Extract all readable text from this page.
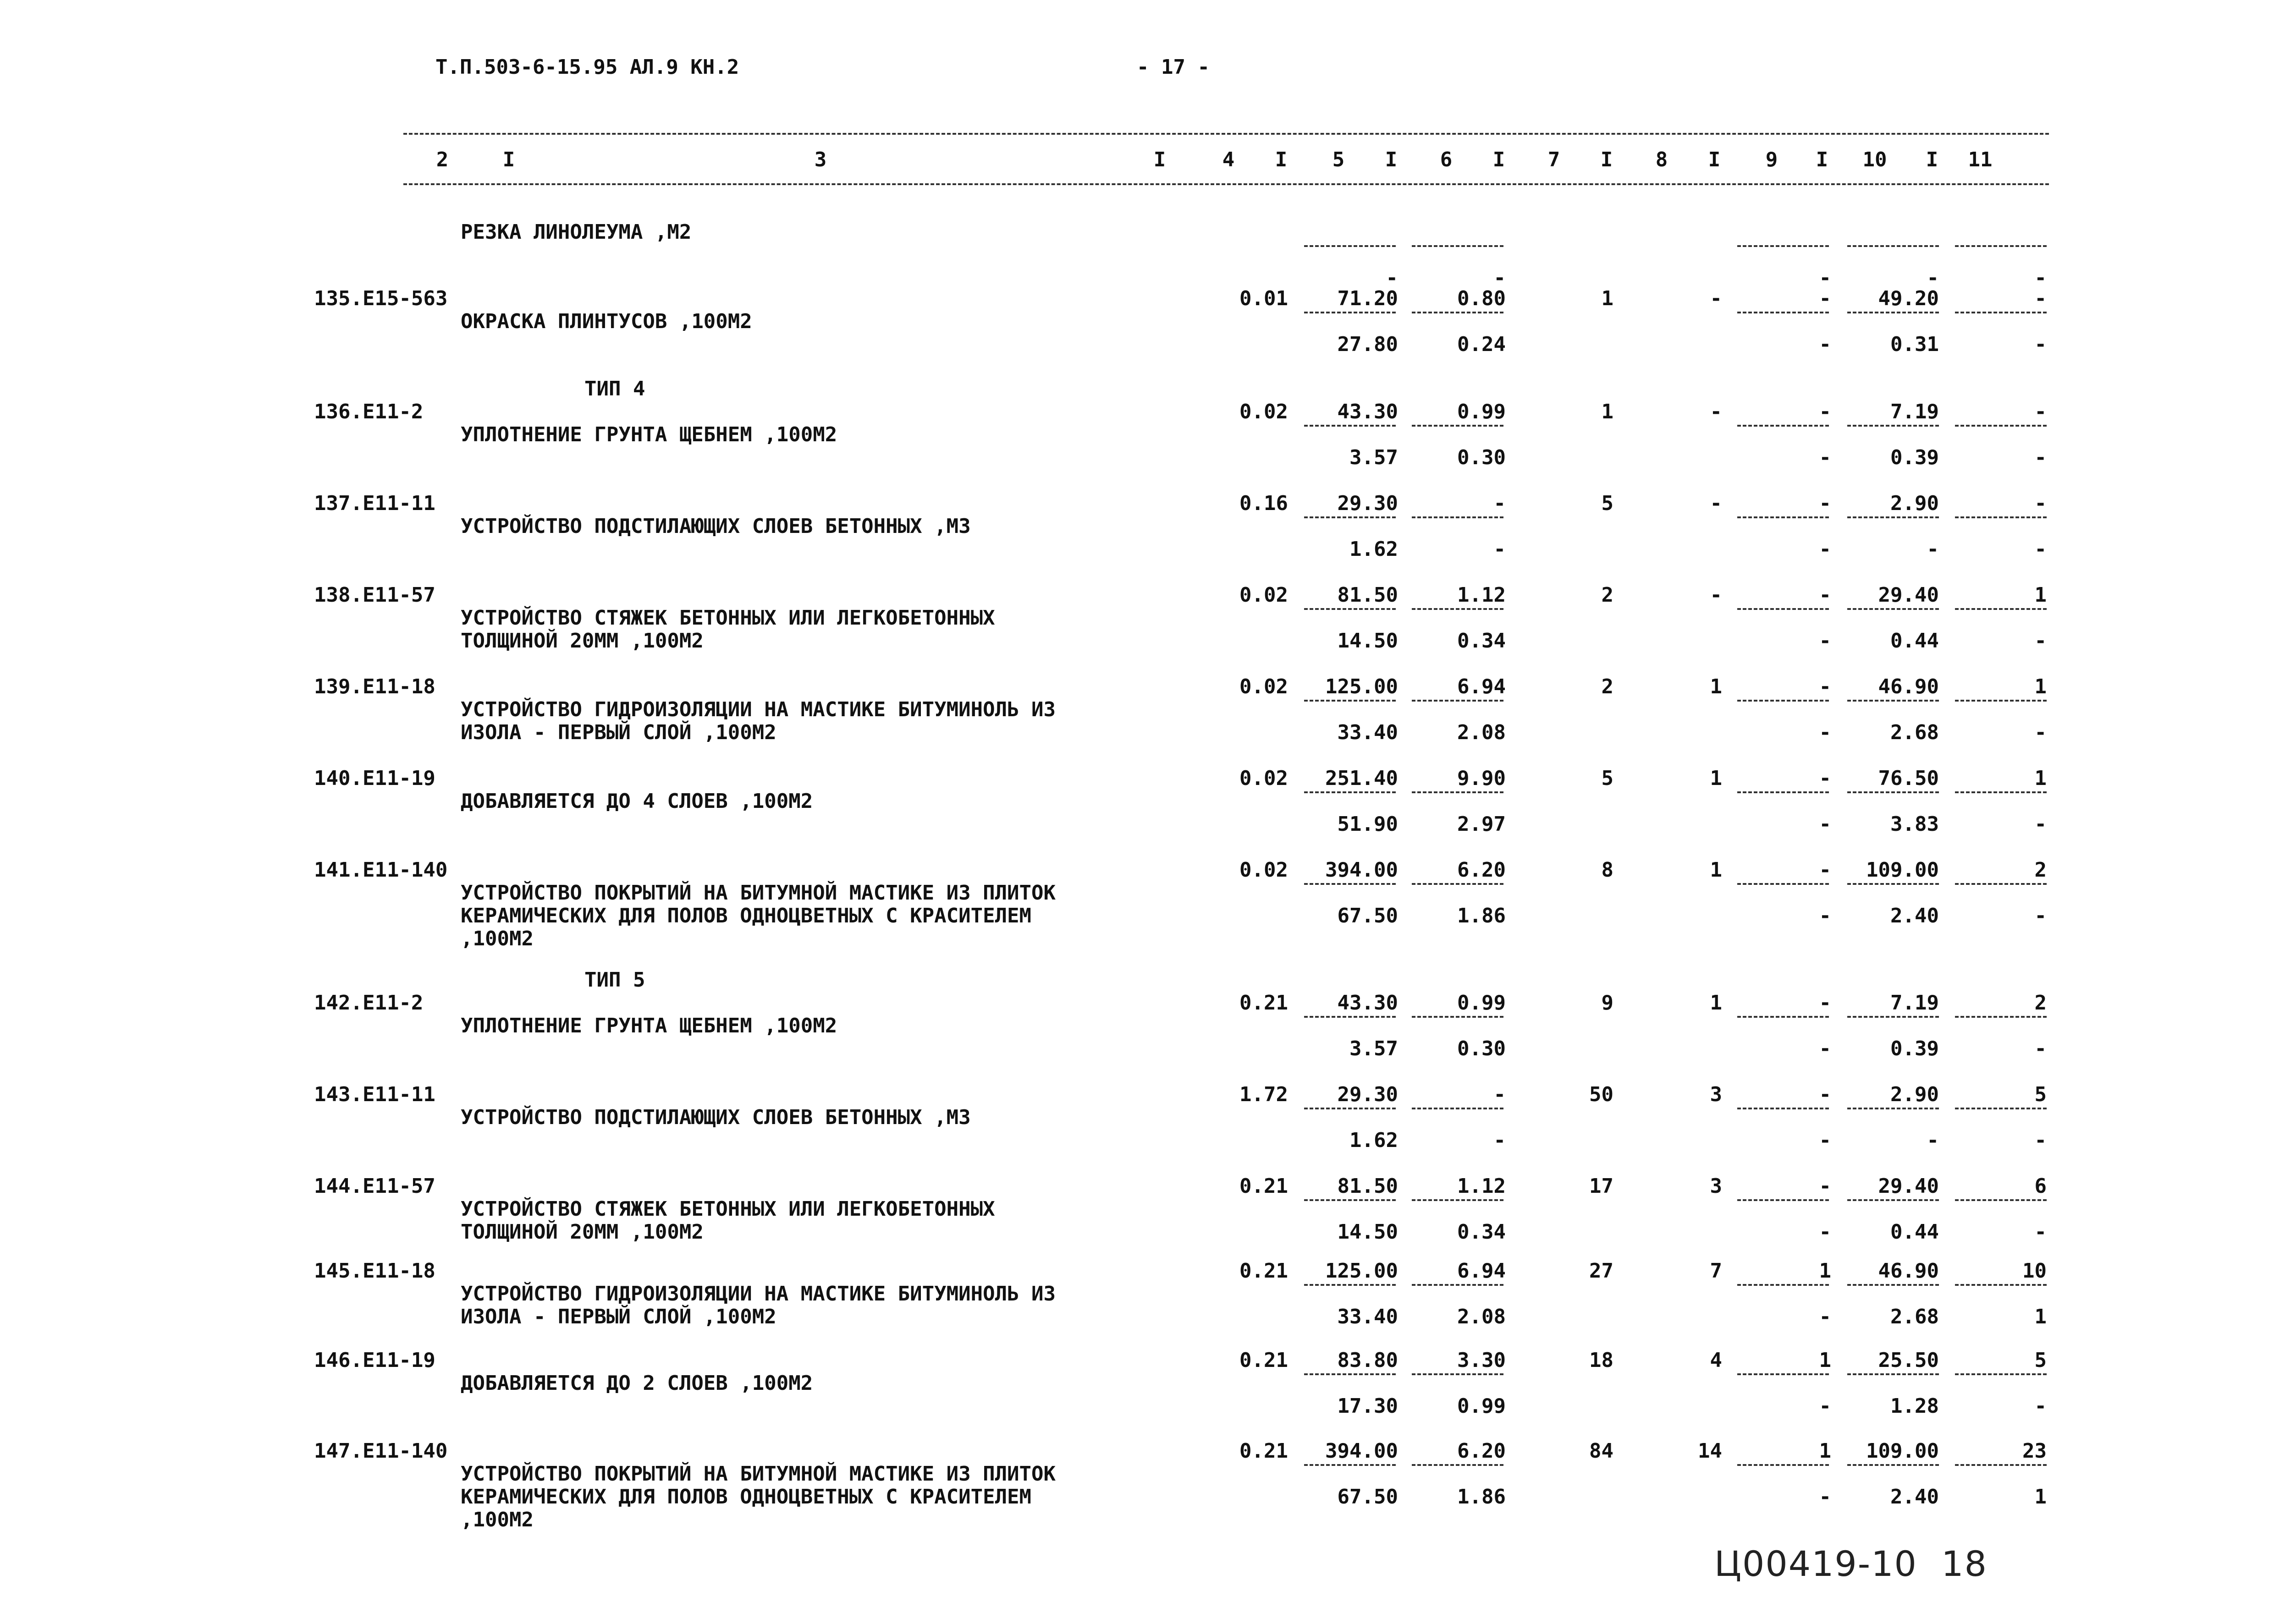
Т.П.503-6-15.95 АЛ.9 КН.2	- 17 -
2	3	4	5	6	7	8	9	10	11
I	I	I	I	I	I	I	I	I
РЕЗКА ЛИНОЛЕУМА ,М2
-	-	-	-	-
135.Е15-563
ОКРАСКА ПЛИНТУСОВ ,100М2
0.01	71.20	0.80	1	-	-	49.20	-
27.80	0.24	-	0.31	-
ТИП 4
136.Е11-2
УПЛОТНЕНИЕ ГРУНТА ЩЕБНЕМ ,100М2
0.02	43.30	0.99	1	-	-	7.19	-
3.57	0.30	-	0.39	-
137.Е11-11
УСТРОЙСТВО ПОДСТИЛАЮЩИХ СЛОЕВ БЕТОННЫХ ,М3
0.16	29.30	-	5	-	-	2.90	-
1.62	-	-	-	-
138.Е11-57
УСТРОЙСТВО СТЯЖЕК БЕТОННЫХ ИЛИ ЛЕГКОБЕТОННЫХ
ТОЛЩИНОЙ 20ММ ,100М2
0.02	81.50	1.12	2	-	-	29.40	1
14.50	0.34	-	0.44	-
139.Е11-18
УСТРОЙСТВО ГИДРОИЗОЛЯЦИИ НА МАСТИКЕ БИТУМИНОЛЬ ИЗ
ИЗОЛА - ПЕРВЫЙ СЛОЙ ,100М2
0.02	125.00	6.94	2	1	-	46.90	1
33.40	2.08	-	2.68	-
140.Е11-19
ДОБАВЛЯЕТСЯ ДО 4 СЛОЕВ ,100М2
0.02	251.40	9.90	5	1	-	76.50	1
51.90	2.97	-	3.83	-
141.Е11-140
УСТРОЙСТВО ПОКРЫТИЙ НА БИТУМНОЙ МАСТИКЕ ИЗ ПЛИТОК
КЕРАМИЧЕСКИХ ДЛЯ ПОЛОВ ОДНОЦВЕТНЫХ С КРАСИТЕЛЕМ
,100М2
0.02	394.00	6.20	8	1	-	109.00	2
67.50	1.86	-	2.40	-
ТИП 5
142.Е11-2
УПЛОТНЕНИЕ ГРУНТА ЩЕБНЕМ ,100М2
0.21	43.30	0.99	9	1	-	7.19	2
3.57	0.30	-	0.39	-
143.Е11-11
УСТРОЙСТВО ПОДСТИЛАЮЩИХ СЛОЕВ БЕТОННЫХ ,М3
1.72	29.30	-	50	3	-	2.90	5
1.62	-	-	-	-
144.Е11-57
УСТРОЙСТВО СТЯЖЕК БЕТОННЫХ ИЛИ ЛЕГКОБЕТОННЫХ
ТОЛЩИНОЙ 20ММ ,100М2
0.21	81.50	1.12	17	3	-	29.40	6
14.50	0.34	-	0.44	-
145.Е11-18
УСТРОЙСТВО ГИДРОИЗОЛЯЦИИ НА МАСТИКЕ БИТУМИНОЛЬ ИЗ
ИЗОЛА - ПЕРВЫЙ СЛОЙ ,100М2
0.21	125.00	6.94	27	7	1	46.90	10
33.40	2.08	-	2.68	1
146.Е11-19
ДОБАВЛЯЕТСЯ ДО 2 СЛОЕВ ,100М2
0.21	83.80	3.30	18	4	1	25.50	5
17.30	0.99	-	1.28	-
147.Е11-140
УСТРОЙСТВО ПОКРЫТИЙ НА БИТУМНОЙ МАСТИКЕ ИЗ ПЛИТОК
КЕРАМИЧЕСКИХ ДЛЯ ПОЛОВ ОДНОЦВЕТНЫХ С КРАСИТЕЛЕМ
,100М2
0.21	394.00	6.20	84	14	1	109.00	23
67.50	1.86	-	2.40	1
Ц00419-10  18
